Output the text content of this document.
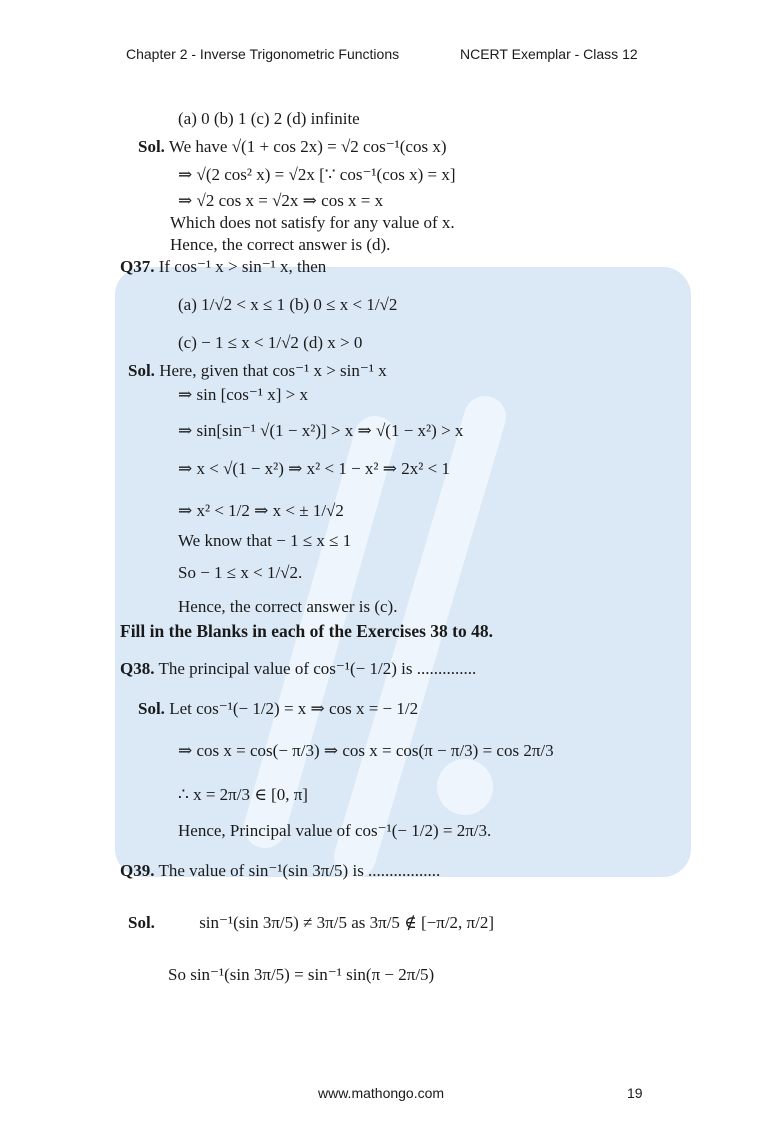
Chapter 2 - Inverse Trigonometric Functions	NCERT Exemplar - Class 12
(a) 0 (b) 1 (c) 2 (d) infinite
Sol. We have √(1 + cos 2x) = √2 cos⁻¹(cos x)
⇒ √(2 cos² x) = √2x [∵ cos⁻¹(cos x) = x]
⇒ √2 cos x = √2x ⇒ cos x = x
Which does not satisfy for any value of x.
Hence, the correct answer is (d).
Q37. If cos⁻¹ x > sin⁻¹ x, then
(a) 1/√2 < x ≤ 1 (b) 0 ≤ x < 1/√2
(c) − 1 ≤ x < 1/√2 (d) x > 0
Sol. Here, given that cos⁻¹ x > sin⁻¹ x
⇒ sin [cos⁻¹ x] > x
⇒ sin[sin⁻¹ √(1 − x²)] > x ⇒ √(1 − x²) > x
⇒ x < √(1 − x²) ⇒ x² < 1 − x² ⇒ 2x² < 1
⇒ x² < 1/2 ⇒ x < ± 1/√2
We know that − 1 ≤ x ≤ 1
So − 1 ≤ x < 1/√2.
Hence, the correct answer is (c).
Fill in the Blanks in each of the Exercises 38 to 48.
Q38. The principal value of cos⁻¹(− 1/2) is ..............
Sol. Let cos⁻¹(− 1/2) = x ⇒ cos x = − 1/2
⇒ cos x = cos(− π/3) ⇒ cos x = cos(π − π/3) = cos 2π/3
∴ x = 2π/3 ∈ [0, π]
Hence, Principal value of cos⁻¹(− 1/2) = 2π/3.
Q39. The value of sin⁻¹(sin 3π/5) is .................
Sol.	sin⁻¹(sin 3π/5) ≠ 3π/5 as 3π/5 ∉ [−π/2, π/2]
So sin⁻¹(sin 3π/5) = sin⁻¹ sin(π − 2π/5)
www.mathongo.com	19
